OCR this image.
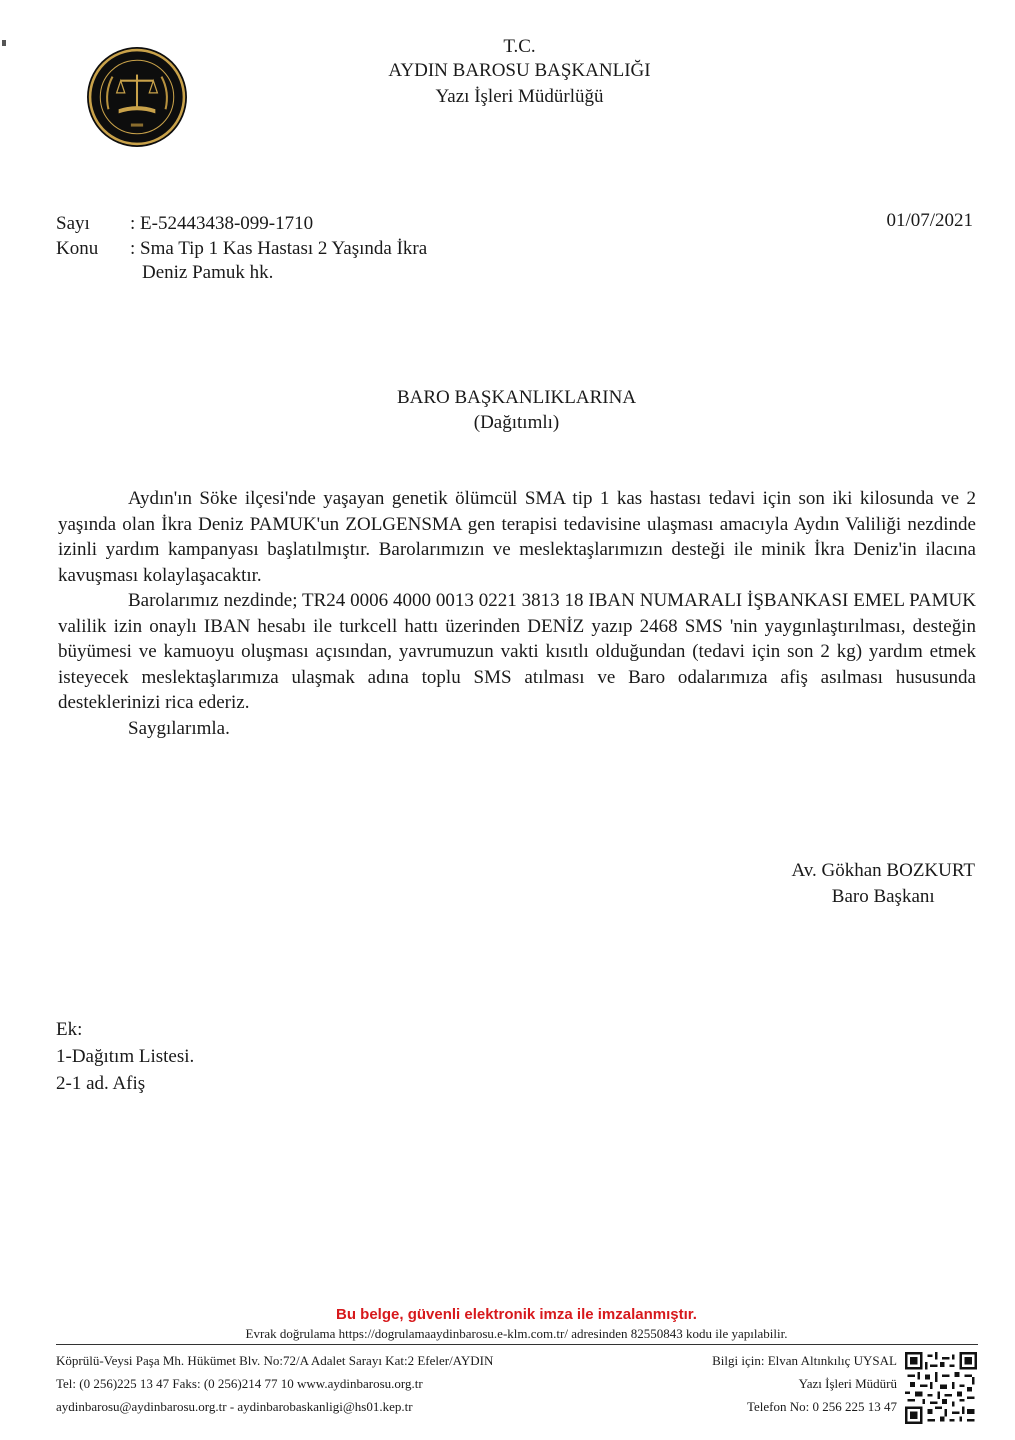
T.C.
AYDIN BAROSU BAŞKANLIĞI
Yazı İşleri Müdürlüğü
Sayı : E-52443438-099-1710
Konu : Sma Tip 1 Kas Hastası 2 Yaşında İkra
Deniz Pamuk hk.
01/07/2021
BARO BAŞKANLIKLARINA
(Dağıtımlı)

Aydın'ın Söke ilçesi'nde yaşayan genetik ölümcül SMA tip 1 kas hastası tedavi için son iki kilosunda ve 2 yaşında olan İkra Deniz PAMUK'un ZOLGENSMA gen terapisi tedavisine ulaşması amacıyla Aydın Valiliği nezdinde izinli yardım kampanyası başlatılmıştır. Barolarımızın ve meslektaşlarımızın desteği ile minik İkra Deniz'in ilacına kavuşması kolaylaşacaktır.

Barolarımız nezdinde; TR24 0006 4000 0013 0221 3813 18 IBAN NUMARALI İŞBANKASI EMEL PAMUK valilik izin onaylı IBAN hesabı ile turkcell hattı üzerinden DENİZ yazıp 2468 SMS 'nin yaygınlaştırılması, desteğin büyümesi ve kamuoyu oluşması açısından, yavrumuzun vakti kısıtlı olduğundan (tedavi için son 2 kg) yardım etmek isteyecek meslektaşlarımıza ulaşmak adına toplu SMS atılması ve Baro odalarımıza afiş asılması hususunda desteklerinizi rica ederiz.

Saygılarımla.

Av. Gökhan BOZKURT
Baro Başkanı
Ek:
1-Dağıtım Listesi.
2-1 ad. Afiş
Bu belge, güvenli elektronik imza ile imzalanmıştır.
Evrak doğrulama https://dogrulamaaydinbarosu.e-klm.com.tr/ adresinden 82550843 kodu ile yapılabilir.
Köprülü-Veysi Paşa Mh. Hükümet Blv. No:72/A Adalet Sarayı Kat:2 Efeler/AYDIN
Tel: (0 256)225 13 47 Faks: (0 256)214 77 10 www.aydinbarosu.org.tr
aydinbarosu@aydinbarosu.org.tr - aydinbarobaskanligi@hs01.kep.tr
Bilgi için: Elvan Altınkılıç UYSAL
Yazı İşleri Müdürü
Telefon No: 0 256 225 13 47
